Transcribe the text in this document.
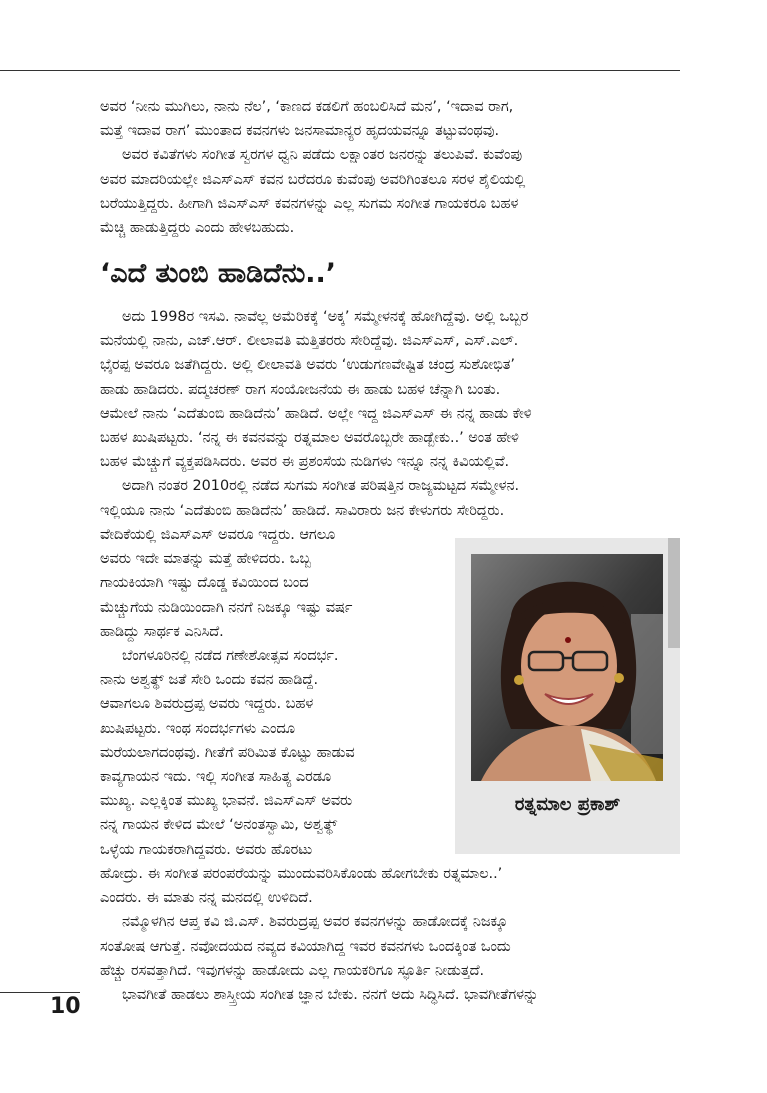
ಅವರ ‘ನೀನು ಮುಗಿಲು, ನಾನು ನೆಲ’, ‘ಕಾಣದ ಕಡಲಿಗೆ ಹಂಬಲಿಸಿದೆ ಮನ’, ‘ಇದಾವ ರಾಗ,

ಮತ್ತೆ ಇದಾವ ರಾಗ’ ಮುಂತಾದ ಕವನಗಳು ಜನಸಾಮಾನ್ಯರ ಹೃದಯವನ್ನೂ ತಟ್ಟುವಂಥವು.

ಅವರ ಕವಿತೆಗಳು ಸಂಗೀತ ಸ್ವರಗಳ ಧ್ವನಿ ಪಡೆದು ಲಕ್ಷಾಂತರ ಜನರನ್ನು ತಲುಪಿವೆ. ಕುವೆಂಪು

ಅವರ ಮಾದರಿಯಲ್ಲೇ ಜಿಎಸ್‌ಎಸ್ ಕವನ ಬರೆದರೂ ಕುವೆಂಪು ಅವರಿಗಿಂತಲೂ ಸರಳ ಶೈಲಿಯಲ್ಲಿ

ಬರೆಯುತ್ತಿದ್ದರು. ಹೀಗಾಗಿ ಜಿಎಸ್‌ಎಸ್ ಕವನಗಳನ್ನು ಎಲ್ಲ ಸುಗಮ ಸಂಗೀತ ಗಾಯಕರೂ ಬಹಳ

ಮೆಚ್ಚಿ ಹಾಡುತ್ತಿದ್ದರು ಎಂದು ಹೇಳಬಹುದು.

‘ಎದೆ ತುಂಬಿ ಹಾಡಿದೆನು..’

ಅದು 1998ರ ಇಸವಿ. ನಾವೆಲ್ಲ ಅಮೆರಿಕಕ್ಕೆ ‘ಅಕ್ಕ’ ಸಮ್ಮೇಳನಕ್ಕೆ ಹೋಗಿದ್ದೆವು. ಅಲ್ಲಿ ಒಬ್ಬರ

ಮನೆಯಲ್ಲಿ ನಾನು, ಎಚ್.ಆರ್. ಲೀಲಾವತಿ ಮತ್ತಿತರರು ಸೇರಿದ್ದೆವು. ಜಿಎಸ್‌ಎಸ್, ಎಸ್.ಎಲ್.

ಭೈರಪ್ಪ ಅವರೂ ಜತೆಗಿದ್ದರು. ಅಲ್ಲಿ ಲೀಲಾವತಿ ಅವರು ‘ಉಡುಗಣವೇಷ್ಟಿತ ಚಂದ್ರ ಸುಶೋಭಿತ’

ಹಾಡು ಹಾಡಿದರು. ಪದ್ಮಚರಣ್ ರಾಗ ಸಂಯೋಜನೆಯ ಈ ಹಾಡು ಬಹಳ ಚೆನ್ನಾಗಿ ಬಂತು.

ಆಮೇಲೆ ನಾನು ‘ಎದೆತುಂಬಿ ಹಾಡಿದೆನು’ ಹಾಡಿದೆ. ಅಲ್ಲೇ ಇದ್ದ ಜಿಎಸ್‌ಎಸ್ ಈ ನನ್ನ ಹಾಡು ಕೇಳಿ

ಬಹಳ ಖುಷಿಪಟ್ಟರು. ‘ನನ್ನ ಈ ಕವನವನ್ನು ರತ್ನಮಾಲ ಅವರೊಬ್ಬರೇ ಹಾಡ್ಬೇಕು..’ ಅಂತ ಹೇಳಿ

ಬಹಳ ಮೆಚ್ಚುಗೆ ವ್ಯಕ್ತಪಡಿಸಿದರು. ಅವರ ಈ ಪ್ರಶಂಸೆಯ ನುಡಿಗಳು ಇನ್ನೂ ನನ್ನ ಕಿವಿಯಲ್ಲಿವೆ.

ಅದಾಗಿ ನಂತರ 2010ರಲ್ಲಿ ನಡೆದ ಸುಗಮ ಸಂಗೀತ ಪರಿಷತ್ತಿನ ರಾಜ್ಯಮಟ್ಟದ ಸಮ್ಮೇಳನ.

ಇಲ್ಲಿಯೂ ನಾನು ‘ಎದೆತುಂಬಿ ಹಾಡಿದೆನು’ ಹಾಡಿದೆ. ಸಾವಿರಾರು ಜನ ಕೇಳುಗರು ಸೇರಿದ್ದರು.

ವೇದಿಕೆಯಲ್ಲಿ ಜಿಎಸ್‌ಎಸ್ ಅವರೂ ಇದ್ದರು. ಆಗಲೂ

ಅವರು ಇದೇ ಮಾತನ್ನು ಮತ್ತೆ ಹೇಳಿದರು. ಒಬ್ಬ

ಗಾಯಕಿಯಾಗಿ ಇಷ್ಟು ದೊಡ್ಡ ಕವಿಯಿಂದ ಬಂದ

ಮೆಚ್ಚುಗೆಯ ನುಡಿಯಿಂದಾಗಿ ನನಗೆ ನಿಜಕ್ಕೂ ಇಷ್ಟು ವರ್ಷ

ಹಾಡಿದ್ದು ಸಾರ್ಥಕ ಎನಿಸಿದೆ.

ಬೆಂಗಳೂರಿನಲ್ಲಿ ನಡೆದ ಗಣೇಶೋತ್ಸವ ಸಂದರ್ಭ.

ನಾನು ಅಶ್ವತ್ಥ್ ಜತೆ ಸೇರಿ ಒಂದು ಕವನ ಹಾಡಿದ್ದೆ.

ಆವಾಗಲೂ ಶಿವರುದ್ರಪ್ಪ ಅವರು ಇದ್ದರು. ಬಹಳ

ಖುಷಿಪಟ್ಟರು. ಇಂಥ ಸಂದರ್ಭಗಳು ಎಂದೂ

ಮರೆಯಲಾಗದಂಥವು. ಗೀತೆಗೆ ಪರಿಮಿತ ಕೊಟ್ಟು ಹಾಡುವ

ಕಾವ್ಯಗಾಯನ ಇದು. ಇಲ್ಲಿ ಸಂಗೀತ ಸಾಹಿತ್ಯ ಎರಡೂ

ಮುಖ್ಯ. ಎಲ್ಲಕ್ಕಿಂತ ಮುಖ್ಯ ಭಾವನೆ. ಜಿಎಸ್‌ಎಸ್ ಅವರು

ನನ್ನ ಗಾಯನ ಕೇಳಿದ ಮೇಲೆ ‘ಅನಂತಸ್ವಾಮಿ, ಅಶ್ವತ್ಥ್

ಒಳ್ಳೆಯ ಗಾಯಕರಾಗಿದ್ದವರು. ಅವರು ಹೊರಟು

ಹೋದ್ರು. ಈ ಸಂಗೀತ ಪರಂಪರೆಯನ್ನು ಮುಂದುವರಿಸಿಕೊಂಡು ಹೋಗಬೇಕು ರತ್ನಮಾಲ..’

ಎಂದರು. ಈ ಮಾತು ನನ್ನ ಮನದಲ್ಲಿ ಉಳಿದಿದೆ.

ನಮ್ಮೊಳಗಿನ ಆಪ್ತ ಕವಿ ಜಿ.ಎಸ್. ಶಿವರುದ್ರಪ್ಪ ಅವರ ಕವನಗಳನ್ನು ಹಾಡೋದಕ್ಕೆ ನಿಜಕ್ಕೂ

ಸಂತೋಷ ಆಗುತ್ತೆ. ನವೋದಯದ ನವ್ಯದ ಕವಿಯಾಗಿದ್ದ ಇವರ ಕವನಗಳು ಒಂದಕ್ಕಿಂತ ಒಂದು

ಹೆಚ್ಚು ರಸವತ್ತಾಗಿದೆ. ಇವುಗಳನ್ನು ಹಾಡೋದು ಎಲ್ಲ ಗಾಯಕರಿಗೂ ಸ್ಫೂರ್ತಿ ನೀಡುತ್ತದೆ.

ಭಾವಗೀತೆ ಹಾಡಲು ಶಾಸ್ತ್ರೀಯ ಸಂಗೀತ ಜ್ಞಾನ ಬೇಕು. ನನಗೆ ಅದು ಸಿದ್ಧಿಸಿದೆ. ಭಾವಗೀತೆಗಳನ್ನು

ರತ್ನಮಾಲ ಪ್ರಕಾಶ್
10
